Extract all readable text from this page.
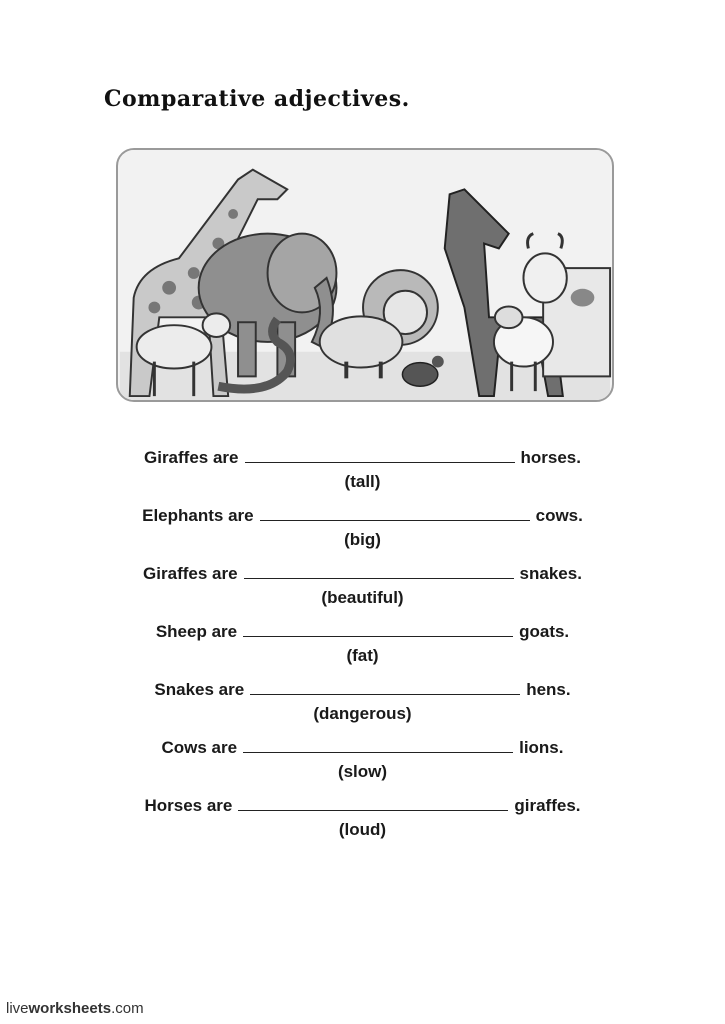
Comparative adjectives.
Giraffes are	horses.
(tall)
Elephants are	cows.
(big)
Giraffes are	snakes.
(beautiful)
Sheep are	goats.
(fat)
Snakes are	hens.
(dangerous)
Cows are	lions.
(slow)
Horses are	giraffes.
(loud)
liveworksheets.com
